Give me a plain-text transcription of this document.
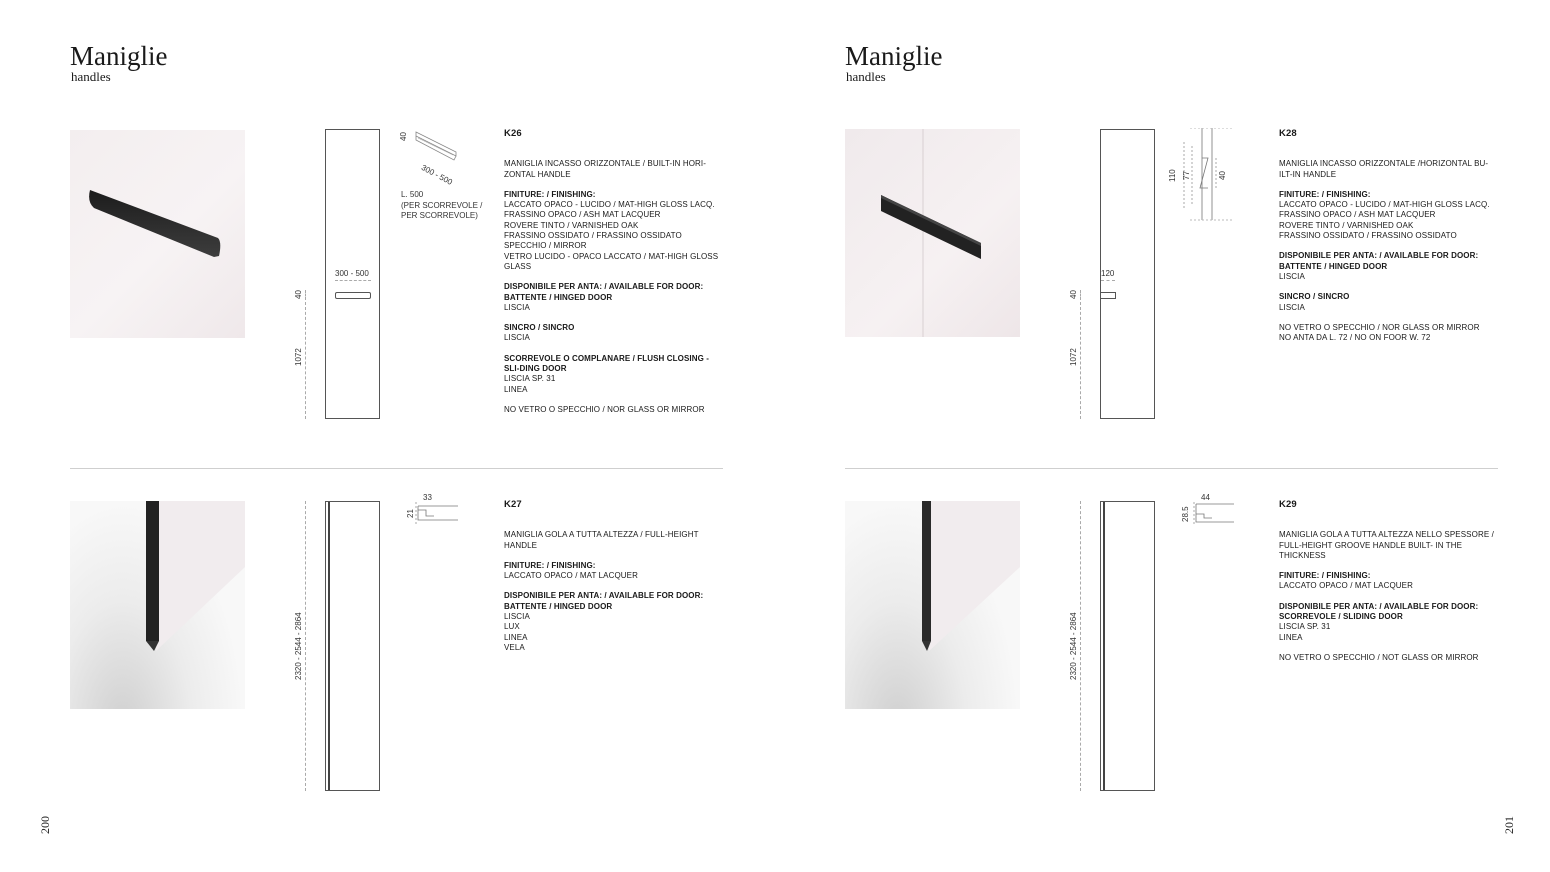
Maniglie
handles
300 - 500
40
1072
40
300 - 500
L. 500
(PER SCORREVOLE /
PER SCORREVOLE)
K26

MANIGLIA INCASSO ORIZZONTALE / BUILT-IN HORI-ZONTAL HANDLE

FINITURE: / FINISHING:
LACCATO OPACO - LUCIDO / MAT-HIGH GLOSS LACQ.
FRASSINO OPACO / ASH MAT LACQUER
ROVERE TINTO / VARNISHED OAK
FRASSINO OSSIDATO / FRASSINO OSSIDATO
SPECCHIO / MIRROR
VETRO LUCIDO - OPACO LACCATO / MAT-HIGH GLOSS GLASS

DISPONIBILE PER ANTA: / AVAILABLE FOR DOOR:
BATTENTE / HINGED DOOR
LISCIA

SINCRO / SINCRO
LISCIA

SCORREVOLE O COMPLANARE / FLUSH CLOSING - SLI-DING DOOR
LISCIA SP. 31
LINEA

NO VETRO O SPECCHIO / NOR GLASS OR MIRROR

2320 - 2544 - 2864
33
21
K27

MANIGLIA GOLA A TUTTA ALTEZZA / FULL-HEIGHT HANDLE

FINITURE: / FINISHING:
LACCATO OPACO / MAT LACQUER

DISPONIBILE PER ANTA: / AVAILABLE FOR DOOR:
BATTENTE / HINGED DOOR
LISCIA
LUX
LINEA
VELA

200
Maniglie
handles
120
40
1072
110 77	40
K28

MANIGLIA INCASSO ORIZZONTALE /HORIZONTAL BU-ILT-IN HANDLE

FINITURE: / FINISHING:
LACCATO OPACO - LUCIDO / MAT-HIGH GLOSS LACQ.
FRASSINO OPACO / ASH MAT LACQUER
ROVERE TINTO / VARNISHED OAK
FRASSINO OSSIDATO / FRASSINO OSSIDATO

DISPONIBILE PER ANTA: / AVAILABLE FOR DOOR:
BATTENTE / HINGED DOOR
LISCIA

SINCRO / SINCRO
LISCIA

NO VETRO O SPECCHIO / NOR GLASS OR MIRROR
NO ANTA DA L. 72 / NO ON FOOR W. 72

2320 - 2544 - 2864
44
28.5
K29

MANIGLIA GOLA A TUTTA ALTEZZA NELLO SPESSORE / FULL-HEIGHT GROOVE HANDLE BUILT- IN THE THICKNESS

FINITURE: / FINISHING:
LACCATO OPACO / MAT LACQUER

DISPONIBILE PER ANTA: / AVAILABLE FOR DOOR:
SCORREVOLE / SLIDING DOOR
LISCIA SP. 31
LINEA

NO VETRO O SPECCHIO / NOT GLASS OR MIRROR

201
